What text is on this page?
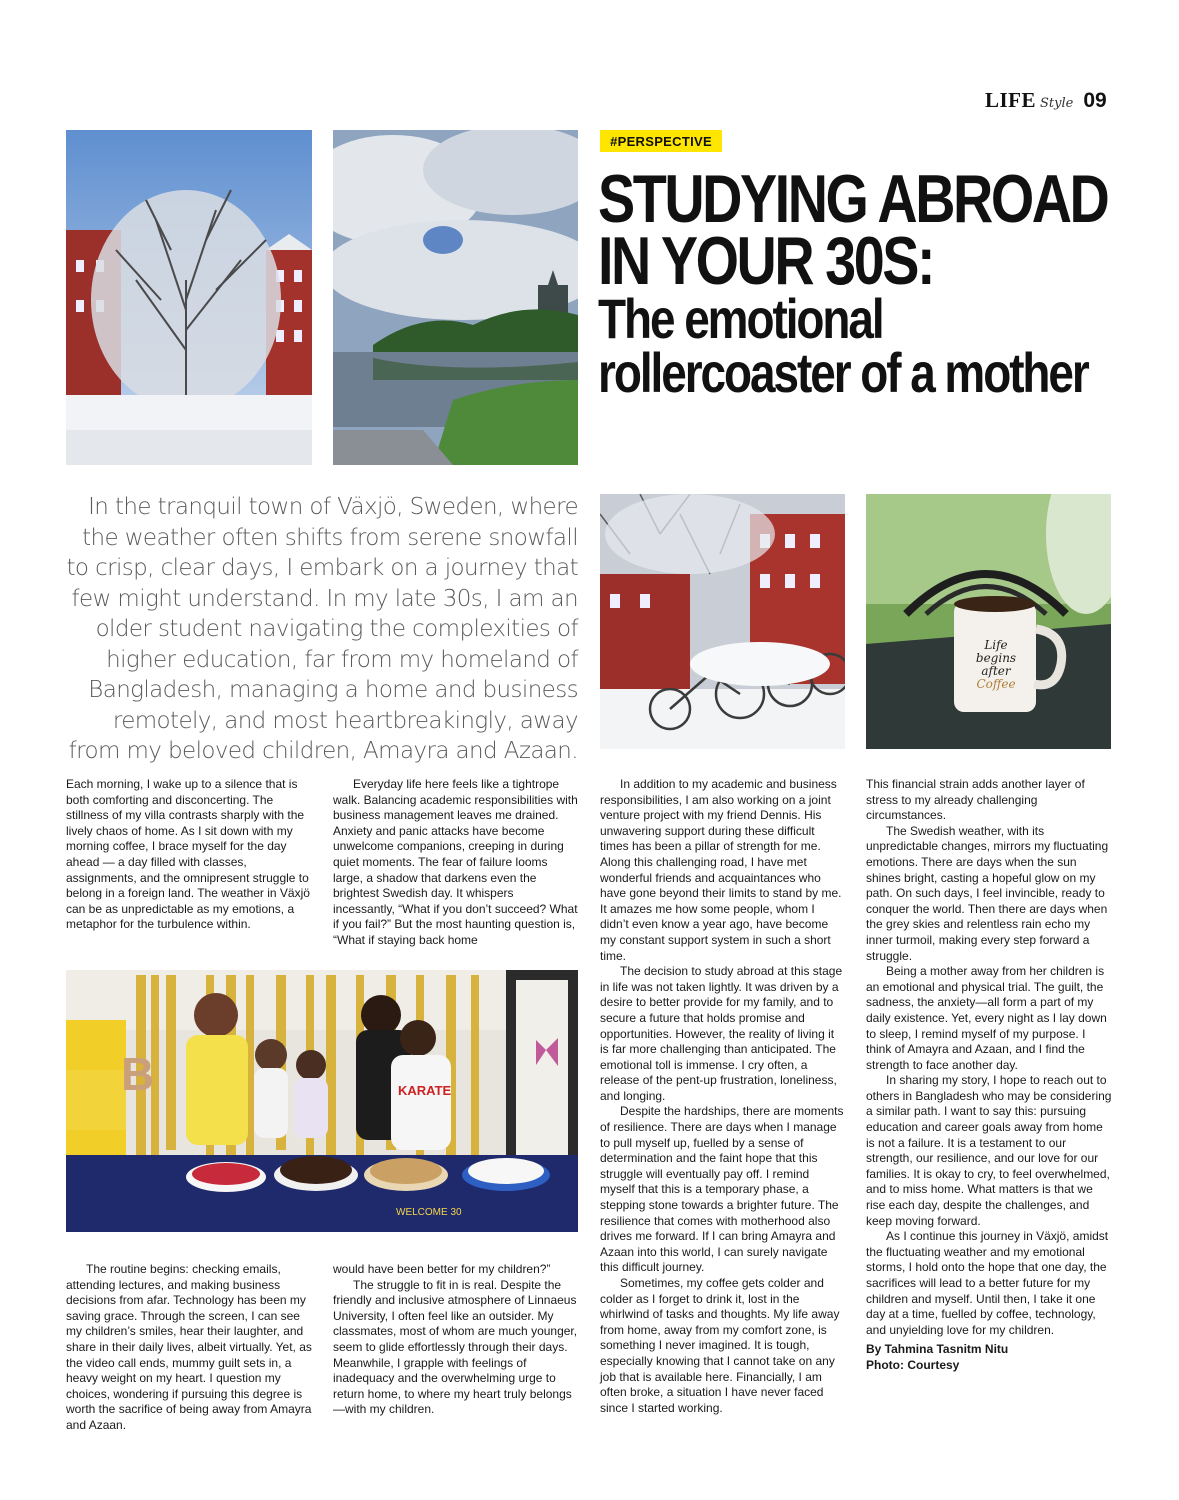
LIFE Style 09
#PERSPECTIVE
STUDYING ABROAD
IN YOUR 30S:
The emotional
rollercoaster of a mother
In the tranquil town of Växjö, Sweden, where the weather often shifts from serene snowfall to crisp, clear days, I embark on a journey that few might understand. In my late 30s, I am an older student navigating the complexities of higher education, far from my homeland of Bangladesh, managing a home and business remotely, and most heartbreakingly, away from my beloved children, Amayra and Azaan.
Life
begins
after
Coffee

Each morning, I wake up to a silence that is both comforting and disconcerting. The stillness of my villa contrasts sharply with the lively chaos of home. As I sit down with my morning coffee, I brace myself for the day ahead — a day filled with classes, assignments, and the omnipresent struggle to belong in a foreign land. The weather in Växjö can be as unpredictable as my emotions, a metaphor for the turbulence within.

Everyday life here feels like a tightrope walk. Balancing academic responsibilities with business management leaves me drained. Anxiety and panic attacks have become unwelcome companions, creeping in during quiet moments. The fear of failure looms large, a shadow that darkens even the brightest Swedish day. It whispers incessantly, “What if you don’t succeed? What if you fail?” But the most haunting question is, “What if staying back home

B	KARATE
WELCOME 30

The routine begins: checking emails, attending lectures, and making business decisions from afar. Technology has been my saving grace. Through the screen, I can see my children’s smiles, hear their laughter, and share in their daily lives, albeit virtually. Yet, as the video call ends, mummy guilt sets in, a heavy weight on my heart. I question my choices, wondering if pursuing this degree is worth the sacrifice of being away from Amayra and Azaan.

would have been better for my children?”

The struggle to fit in is real. Despite the friendly and inclusive atmosphere of Linnaeus University, I often feel like an outsider. My classmates, most of whom are much younger, seem to glide effortlessly through their days. Meanwhile, I grapple with feelings of inadequacy and the overwhelming urge to return home, to where my heart truly belongs—with my children.

In addition to my academic and business responsibilities, I am also working on a joint venture project with my friend Dennis. His unwavering support during these difficult times has been a pillar of strength for me. Along this challenging road, I have met wonderful friends and acquaintances who have gone beyond their limits to stand by me. It amazes me how some people, whom I didn’t even know a year ago, have become my constant support system in such a short time.

The decision to study abroad at this stage in life was not taken lightly. It was driven by a desire to better provide for my family, and to secure a future that holds promise and opportunities. However, the reality of living it is far more challenging than anticipated. The emotional toll is immense. I cry often, a release of the pent-up frustration, loneliness, and longing.

Despite the hardships, there are moments of resilience. There are days when I manage to pull myself up, fuelled by a sense of determination and the faint hope that this struggle will eventually pay off. I remind myself that this is a temporary phase, a stepping stone towards a brighter future. The resilience that comes with motherhood also drives me forward. If I can bring Amayra and Azaan into this world, I can surely navigate this difficult journey.

Sometimes, my coffee gets colder and colder as I forget to drink it, lost in the whirlwind of tasks and thoughts. My life away from home, away from my comfort zone, is something I never imagined. It is tough, especially knowing that I cannot take on any job that is available here. Financially, I am often broke, a situation I have never faced since I started working.

This financial strain adds another layer of stress to my already challenging circumstances.

The Swedish weather, with its unpredictable changes, mirrors my fluctuating emotions. There are days when the sun shines bright, casting a hopeful glow on my path. On such days, I feel invincible, ready to conquer the world. Then there are days when the grey skies and relentless rain echo my inner turmoil, making every step forward a struggle.

Being a mother away from her children is an emotional and physical trial. The guilt, the sadness, the anxiety—all form a part of my daily existence. Yet, every night as I lay down to sleep, I remind myself of my purpose. I think of Amayra and Azaan, and I find the strength to face another day.

In sharing my story, I hope to reach out to others in Bangladesh who may be considering a similar path. I want to say this: pursuing education and career goals away from home is not a failure. It is a testament to our strength, our resilience, and our love for our families. It is okay to cry, to feel overwhelmed, and to miss home. What matters is that we rise each day, despite the challenges, and keep moving forward.

As I continue this journey in Växjö, amidst the fluctuating weather and my emotional storms, I hold onto the hope that one day, the sacrifices will lead to a better future for my children and myself. Until then, I take it one day at a time, fuelled by coffee, technology, and unyielding love for my children.

By Tahmina Tasnitm Nitu

Photo: Courtesy
